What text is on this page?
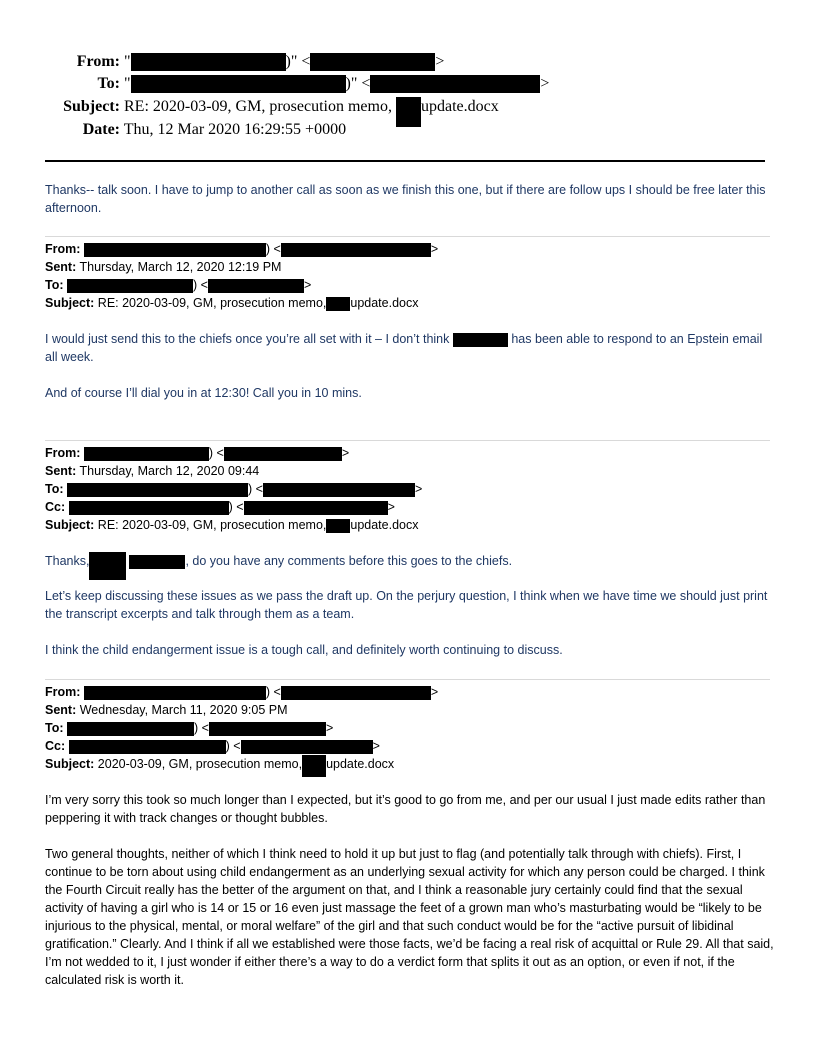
From: "	)" <	>
To: "	)" <	>
Subject: RE: 2020-03-09, GM, prosecution memo, update.docx
Date: Thu, 12 Mar 2020 16:29:55 +0000
Thanks-- talk soon. I have to jump to another call as soon as we finish this one, but if there are follow ups I should be free later this afternoon.
From:	) <	>
Sent: Thursday, March 12, 2020 12:19 PM
To:	) <	>
Subject: RE: 2020-03-09, GM, prosecution memo, update.docx
I would just send this to the chiefs once you’re all set with it – I don’t think	has been able to respond to an Epstein email all week.
And of course I’ll dial you in at 12:30! Call you in 10 mins.
From:	) <	>
Sent: Thursday, March 12, 2020 09:44
To:	) <	>
Cc:	) <	>
Subject: RE: 2020-03-09, GM, prosecution memo, update.docx
Thanks,	, do you have any comments before this goes to the chiefs.
Let’s keep discussing these issues as we pass the draft up. On the perjury question, I think when we have time we should just print the transcript excerpts and talk through them as a team.
I think the child endangerment issue is a tough call, and definitely worth continuing to discuss.
From:	) <	>
Sent: Wednesday, March 11, 2020 9:05 PM
To:	) <	>
Cc:	) <	>
Subject: 2020-03-09, GM, prosecution memo, update.docx
I’m very sorry this took so much longer than I expected, but it’s good to go from me, and per our usual I just made edits rather than peppering it with track changes or thought bubbles.
Two general thoughts, neither of which I think need to hold it up but just to flag (and potentially talk through with chiefs). First, I continue to be torn about using child endangerment as an underlying sexual activity for which any person could be charged. I think the Fourth Circuit really has the better of the argument on that, and I think a reasonable jury certainly could find that the sexual activity of having a girl who is 14 or 15 or 16 even just massage the feet of a grown man who’s masturbating would be “likely to be injurious to the physical, mental, or moral welfare” of the girl and that such conduct would be for the “active pursuit of libidinal gratification.” Clearly. And I think if all we established were those facts, we’d be facing a real risk of acquittal or Rule 29. All that said, I’m not wedded to it, I just wonder if either there’s a way to do a verdict form that splits it out as an option, or even if not, if the calculated risk is worth it.
